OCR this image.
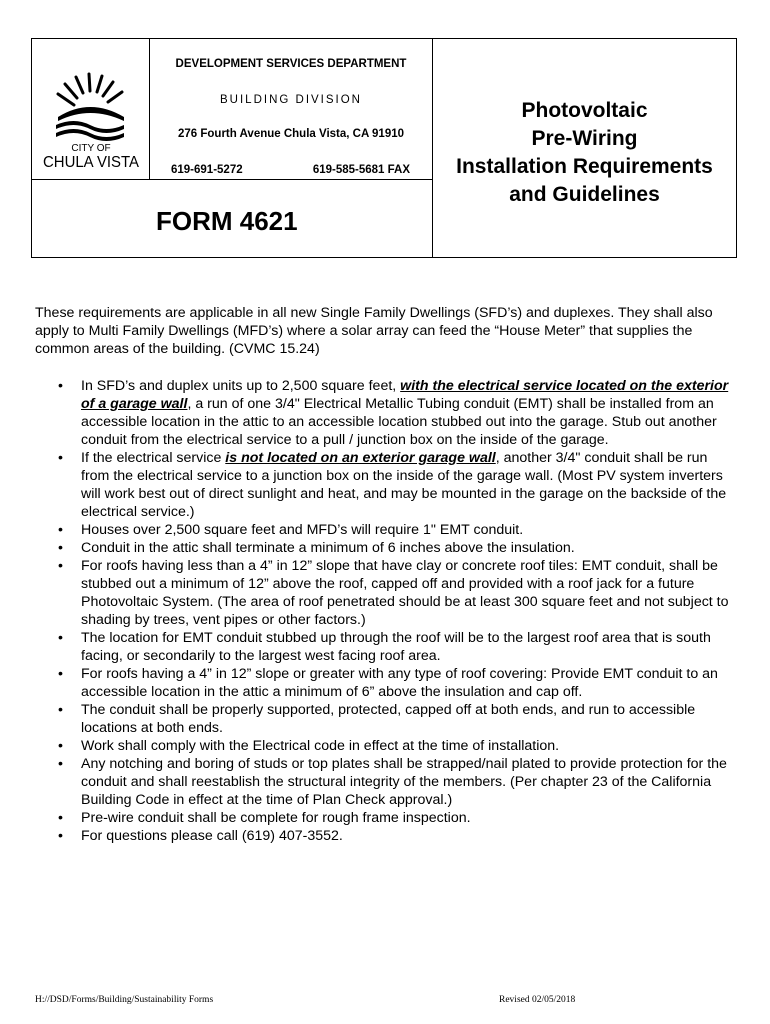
CITY OF
CHULA VISTA
DEVELOPMENT SERVICES DEPARTMENT
BUILDING DIVISION
276 Fourth Avenue Chula Vista, CA 91910
619-691-5272	619-585-5681 FAX
FORM 4621
Photovoltaic
Pre-Wiring
Installation Requirements
and Guidelines
These requirements are applicable in all new Single Family Dwellings (SFD’s) and duplexes. They shall also apply to Multi Family Dwellings (MFD’s) where a solar array can feed the “House Meter” that supplies the common areas of the building. (CVMC 15.24)
• In SFD’s and duplex units up to 2,500 square feet, with the electrical service located on the exterior of a garage wall, a run of one 3/4" Electrical Metallic Tubing conduit (EMT) shall be installed from an accessible location in the attic to an accessible location stubbed out into the garage. Stub out another conduit from the electrical service to a pull / junction box on the inside of the garage.
• If the electrical service is not located on an exterior garage wall, another 3/4" conduit shall be run from the electrical service to a junction box on the inside of the garage wall. (Most PV system inverters will work best out of direct sunlight and heat, and may be mounted in the garage on the backside of the electrical service.)
• Houses over 2,500 square feet and MFD’s will require 1" EMT conduit.
• Conduit in the attic shall terminate a minimum of 6 inches above the insulation.
• For roofs having less than a 4” in 12” slope that have clay or concrete roof tiles: EMT conduit, shall be stubbed out a minimum of 12” above the roof, capped off and provided with a roof jack for a future Photovoltaic System. (The area of roof penetrated should be at least 300 square feet and not subject to shading by trees, vent pipes or other factors.)
• The location for EMT conduit stubbed up through the roof will be to the largest roof area that is south facing, or secondarily to the largest west facing roof area.
• For roofs having a 4” in 12” slope or greater with any type of roof covering: Provide EMT conduit to an accessible location in the attic a minimum of 6” above the insulation and cap off.
• The conduit shall be properly supported, protected, capped off at both ends, and run to accessible locations at both ends.
• Work shall comply with the Electrical code in effect at the time of installation.
• Any notching and boring of studs or top plates shall be strapped/nail plated to provide protection for the conduit and shall reestablish the structural integrity of the members. (Per chapter 23 of the California Building Code in effect at the time of Plan Check approval.)
• Pre-wire conduit shall be complete for rough frame inspection.
• For questions please call (619) 407-3552.
H://DSD/Forms/Building/Sustainability Forms	Revised 02/05/2018
